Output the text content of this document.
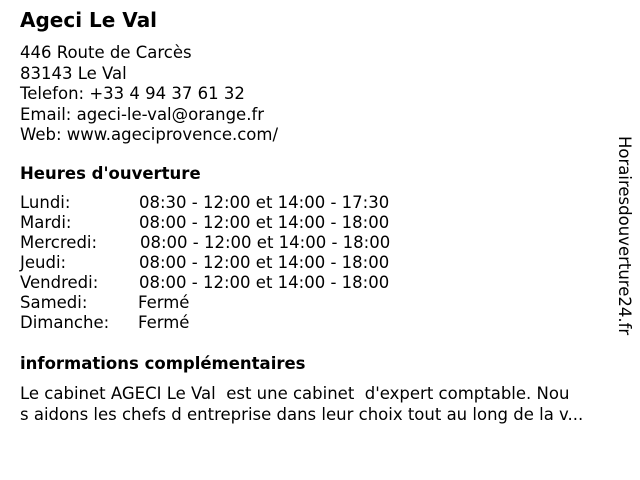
Ageci Le Val
446 Route de Carcès
83143 Le Val
Telefon: +33 4 94 37 61 32
Email: ageci-le-val@orange.fr
Web: www.ageciprovence.com/
Heures d'ouverture
Lundi:	08:30 - 12:00 et 14:00 - 17:30
Mardi:	08:00 - 12:00 et 14:00 - 18:00
Mercredi:	08:00 - 12:00 et 14:00 - 18:00
Jeudi:	08:00 - 12:00 et 14:00 - 18:00
Vendredi: 08:00 - 12:00 et 14:00 - 18:00
Samedi:	Fermé
Dimanche: Fermé
informations complémentaires
Le cabinet AGECI Le Val  est une cabinet  d'expert comptable. Nou
s aidons les chefs d entreprise dans leur choix tout au long de la v...
Horairesdouverture24.fr
